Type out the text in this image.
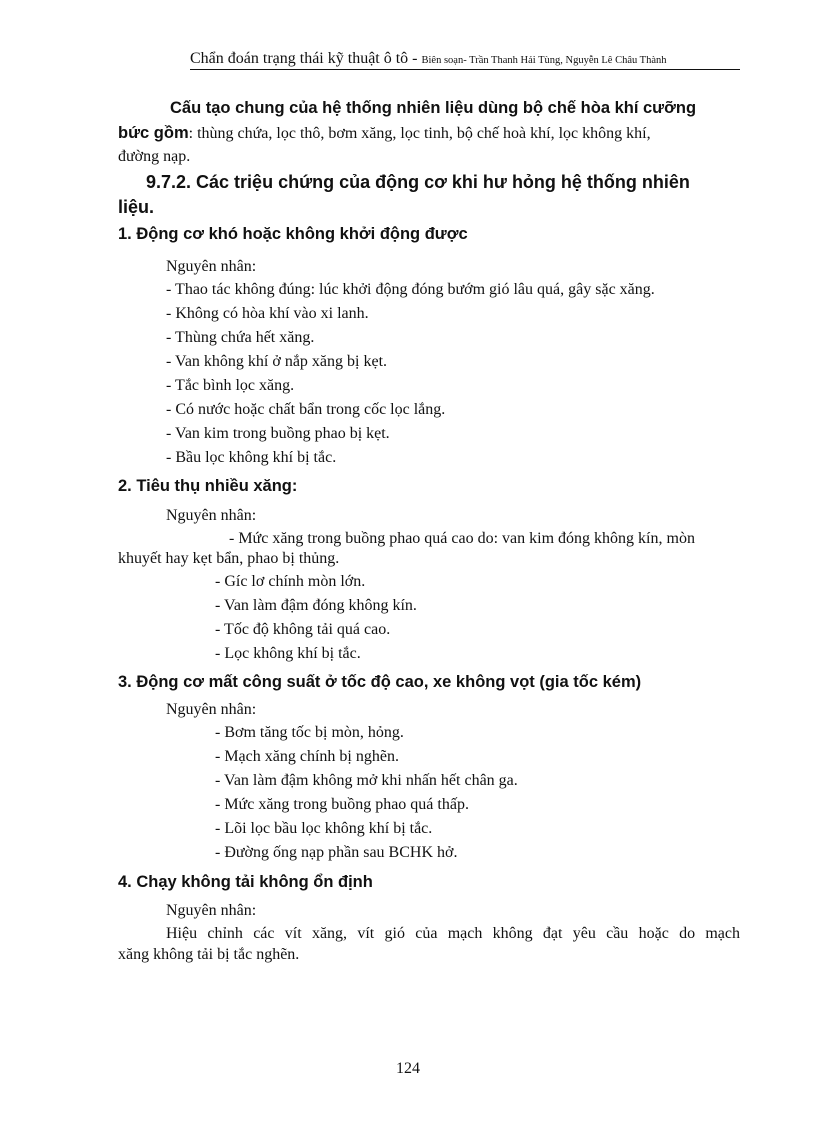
Chẩn đoán trạng thái kỹ thuật ô tô - Biên soạn- Trần Thanh Hải Tùng, Nguyễn Lê Châu Thành
Cấu tạo chung của hệ thống nhiên liệu dùng bộ chế hòa khí cưỡng
bức gồm : thùng chứa, lọc thô, bơm xăng, lọc tinh, bộ chế hoà khí, lọc không khí,
đường nạp.
9.7.2. Các triệu chứng của động cơ khi hư hỏng hệ thống nhiên
liệu.
1. Động cơ khó hoặc không khởi động được
Nguyên nhân:
- Thao tác không đúng: lúc khởi động đóng bướm gió lâu quá, gây sặc xăng.
- Không có hòa khí vào xi lanh.
- Thùng chứa hết xăng.
- Van không khí ở nắp xăng bị kẹt.
- Tắc bình lọc xăng.
- Có nước hoặc chất bẩn trong cốc lọc lắng.
- Van kim trong buồng phao bị kẹt.
- Bầu lọc không khí bị tắc.
2. Tiêu thụ nhiều xăng:
Nguyên nhân:
- Mức xăng trong buồng phao quá cao do: van kim đóng không kín, mòn
khuyết hay kẹt bẩn, phao bị thủng.
- Gíc lơ chính mòn lớn.
- Van làm đậm đóng không kín.
- Tốc độ không tải quá cao.
- Lọc không khí bị tắc.
3. Động cơ mất công suất ở tốc độ cao, xe không vọt (gia tốc kém)
Nguyên nhân:
- Bơm tăng tốc bị mòn, hỏng.
- Mạch xăng chính bị nghẽn.
- Van làm đậm không mở khi nhấn hết chân ga.
- Mức xăng trong buồng phao quá thấp.
- Lõi lọc bầu lọc không khí bị tắc.
- Đường ống nạp phần sau BCHK hở.
4. Chạy không tải không ổn định
Nguyên nhân:
Hiệu chỉnh các vít xăng, vít gió của mạch không đạt yêu cầu hoặc do mạch
xăng không tải bị tắc nghẽn.
124
